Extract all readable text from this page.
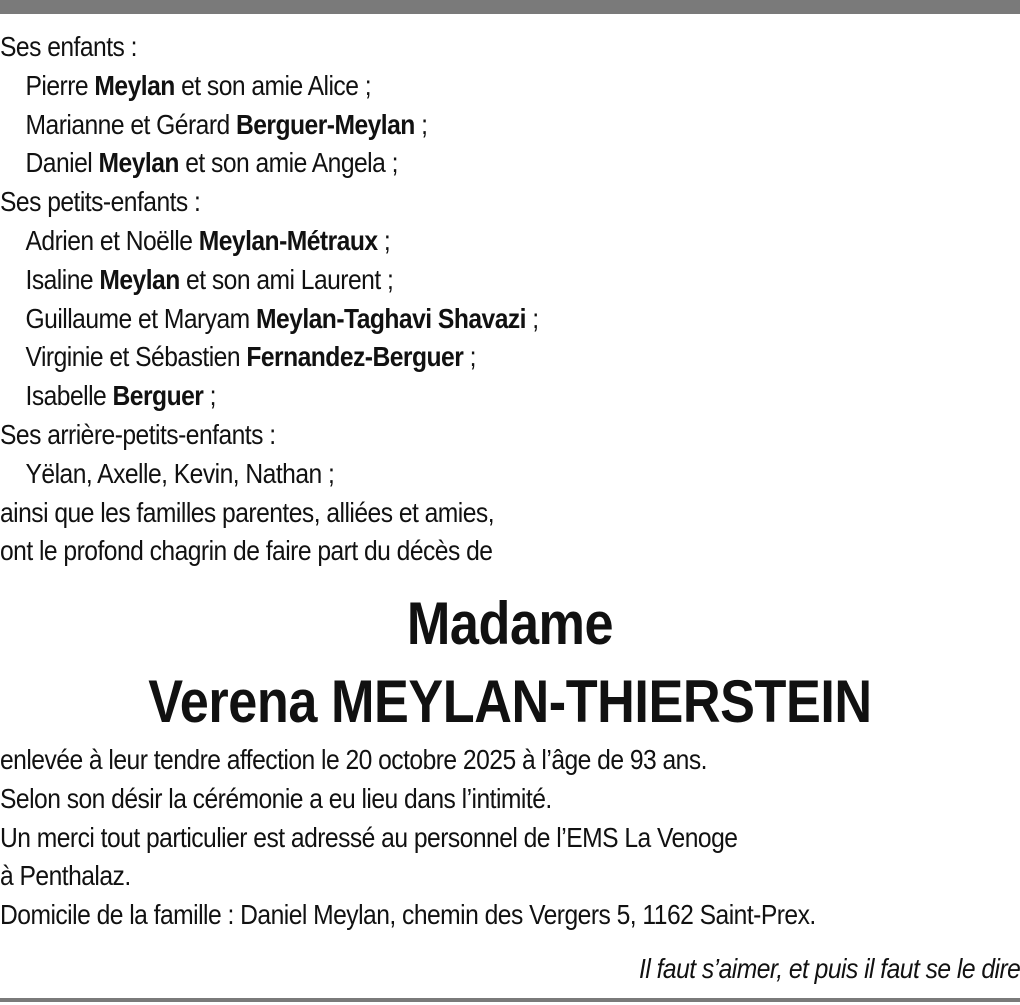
Ses enfants :
Pierre Meylan et son amie Alice ;
Marianne et Gérard Berguer-Meylan ;
Daniel Meylan et son amie Angela ;
Ses petits-enfants :
Adrien et Noëlle Meylan-Métraux ;
Isaline Meylan et son ami Laurent ;
Guillaume et Maryam Meylan-Taghavi Shavazi ;
Virginie et Sébastien Fernandez-Berguer ;
Isabelle Berguer ;
Ses arrière-petits-enfants :
Yëlan, Axelle, Kevin, Nathan ;
ainsi que les familles parentes, alliées et amies,
ont le profond chagrin de faire part du décès de
Madame
Verena MEYLAN-THIERSTEIN
enlevée à leur tendre affection le 20 octobre 2025 à l’âge de 93 ans.
Selon son désir la cérémonie a eu lieu dans l’intimité.
Un merci tout particulier est adressé au personnel de l’EMS La Venoge
à Penthalaz.
Domicile de la famille : Daniel Meylan, chemin des Vergers 5, 1162 Saint-Prex.
Il faut s’aimer, et puis il faut se le dire
